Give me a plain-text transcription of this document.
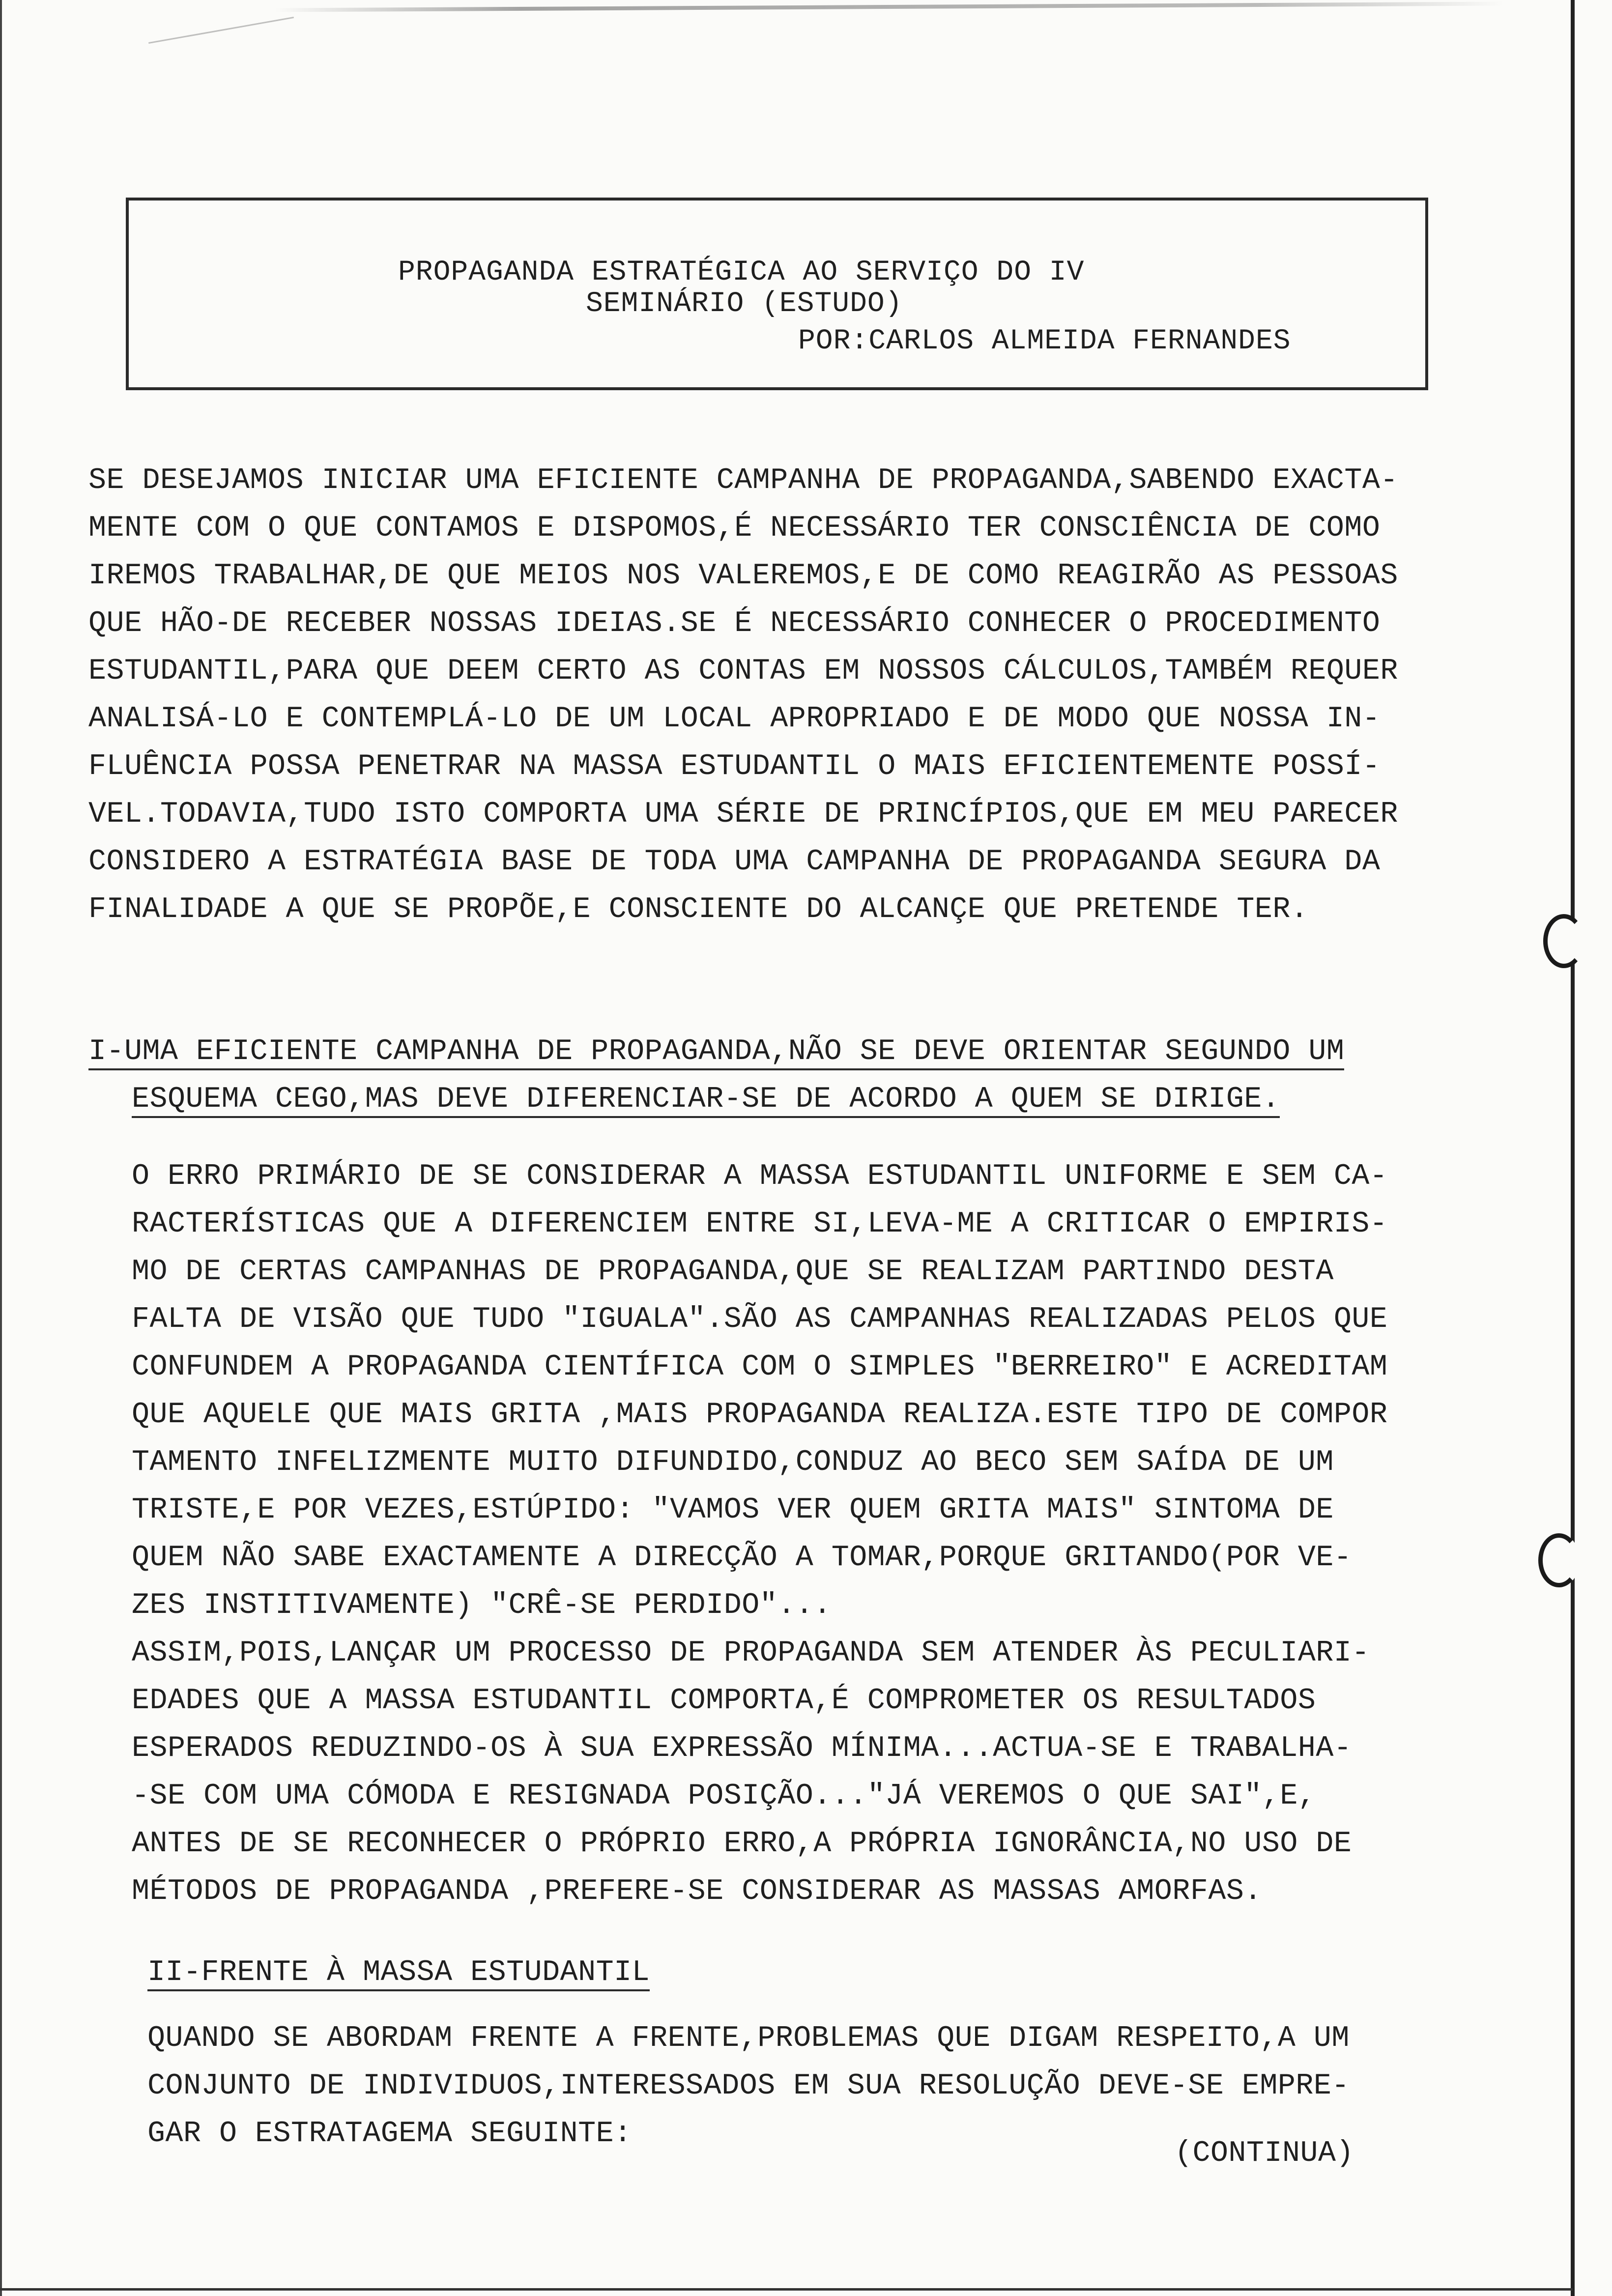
PROPAGANDA ESTRATÉGICA AO SERVIÇO DO IV
SEMINÁRIO (ESTUDO)
POR:CARLOS ALMEIDA FERNANDES
SE DESEJAMOS INICIAR UMA EFICIENTE CAMPANHA DE PROPAGANDA,SABENDO EXACTA-
MENTE COM O QUE CONTAMOS E DISPOMOS,É NECESSÁRIO TER CONSCIÊNCIA DE COMO
IREMOS TRABALHAR,DE QUE MEIOS NOS VALEREMOS,E DE COMO REAGIRÃO AS PESSOAS
QUE HÃO-DE RECEBER NOSSAS IDEIAS.SE É NECESSÁRIO CONHECER O PROCEDIMENTO
ESTUDANTIL,PARA QUE DEEM CERTO AS CONTAS EM NOSSOS CÁLCULOS,TAMBÉM REQUER
ANALISÁ-LO E CONTEMPLÁ-LO DE UM LOCAL APROPRIADO E DE MODO QUE NOSSA IN-
FLUÊNCIA POSSA PENETRAR NA MASSA ESTUDANTIL O MAIS EFICIENTEMENTE POSSÍ-
VEL.TODAVIA,TUDO ISTO COMPORTA UMA SÉRIE DE PRINCÍPIOS,QUE EM MEU PARECER
CONSIDERO A ESTRATÉGIA BASE DE TODA UMA CAMPANHA DE PROPAGANDA SEGURA DA
FINALIDADE A QUE SE PROPÕE,E CONSCIENTE DO ALCANÇE QUE PRETENDE TER.
I-UMA EFICIENTE CAMPANHA DE PROPAGANDA,NÃO SE DEVE ORIENTAR SEGUNDO UM
ESQUEMA CEGO,MAS DEVE DIFERENCIAR-SE DE ACORDO A QUEM SE DIRIGE.
O ERRO PRIMÁRIO DE SE CONSIDERAR A MASSA ESTUDANTIL UNIFORME E SEM CA-
RACTERÍSTICAS QUE A DIFERENCIEM ENTRE SI,LEVA-ME A CRITICAR O EMPIRIS-
MO DE CERTAS CAMPANHAS DE PROPAGANDA,QUE SE REALIZAM PARTINDO DESTA
FALTA DE VISÃO QUE TUDO "IGUALA".SÃO AS CAMPANHAS REALIZADAS PELOS QUE
CONFUNDEM A PROPAGANDA CIENTÍFICA COM O SIMPLES "BERREIRO" E ACREDITAM
QUE AQUELE QUE MAIS GRITA ,MAIS PROPAGANDA REALIZA.ESTE TIPO DE COMPOR
TAMENTO INFELIZMENTE MUITO DIFUNDIDO,CONDUZ AO BECO SEM SAÍDA DE UM
TRISTE,E POR VEZES,ESTÚPIDO: "VAMOS VER QUEM GRITA MAIS" SINTOMA DE
QUEM NÃO SABE EXACTAMENTE A DIRECÇÃO A TOMAR,PORQUE GRITANDO(POR VE-
ZES INSTITIVAMENTE) "CRÊ-SE PERDIDO"...
ASSIM,POIS,LANÇAR UM PROCESSO DE PROPAGANDA SEM ATENDER ÀS PECULIARI-
EDADES QUE A MASSA ESTUDANTIL COMPORTA,É COMPROMETER OS RESULTADOS
ESPERADOS REDUZINDO-OS À SUA EXPRESSÃO MÍNIMA...ACTUA-SE E TRABALHA-
-SE COM UMA CÓMODA E RESIGNADA POSIÇÃO..."JÁ VEREMOS O QUE SAI",E,
ANTES DE SE RECONHECER O PRÓPRIO ERRO,A PRÓPRIA IGNORÂNCIA,NO USO DE
MÉTODOS DE PROPAGANDA ,PREFERE-SE CONSIDERAR AS MASSAS AMORFAS.
II-FRENTE À MASSA ESTUDANTIL
QUANDO SE ABORDAM FRENTE A FRENTE,PROBLEMAS QUE DIGAM RESPEITO,A UM
CONJUNTO DE INDIVIDUOS,INTERESSADOS EM SUA RESOLUÇÃO DEVE-SE EMPRE-
GAR O ESTRATAGEMA SEGUINTE:
(CONTINUA)
